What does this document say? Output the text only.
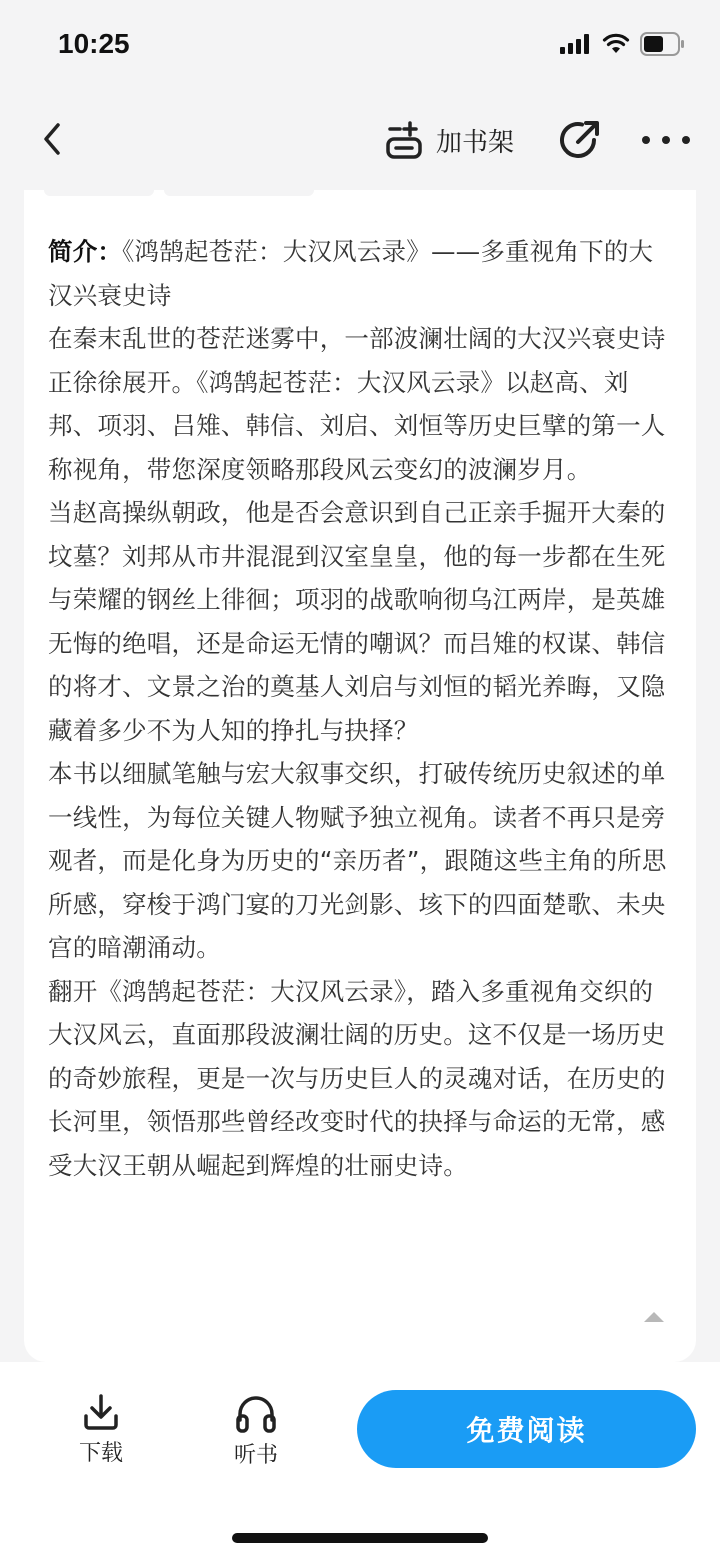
10:25
加书架

简介：《鸿鹄起苍茫：大汉风云录》——多重视角下的大汉兴衰史诗

在秦末乱世的苍茫迷雾中，一部波澜壮阔的大汉兴衰史诗正徐徐展开。《鸿鹄起苍茫：大汉风云录》以赵高、刘邦、项羽、吕雉、韩信、刘启、刘恒等历史巨擘的第一人称视角，带您深度领略那段风云变幻的波澜岁月。

当赵高操纵朝政，他是否会意识到自己正亲手掘开大秦的坟墓？刘邦从市井混混到汉室皇皇，他的每一步都在生死与荣耀的钢丝上徘徊；项羽的战歌响彻乌江两岸，是英雄无悔的绝唱，还是命运无情的嘲讽？而吕雉的权谋、韩信的将才、文景之治的奠基人刘启与刘恒的韬光养晦，又隐藏着多少不为人知的挣扎与抉择？

本书以细腻笔触与宏大叙事交织，打破传统历史叙述的单一线性，为每位关键人物赋予独立视角。读者不再只是旁观者，而是化身为历史的“亲历者”，跟随这些主角的所思所感，穿梭于鸿门宴的刀光剑影、垓下的四面楚歌、未央宫的暗潮涌动。

翻开《鸿鹄起苍茫：大汉风云录》，踏入多重视角交织的大汉风云，直面那段波澜壮阔的历史。这不仅是一场历史的奇妙旅程，更是一次与历史巨人的灵魂对话，在历史的长河里，领悟那些曾经改变时代的抉择与命运的无常，感受大汉王朝从崛起到辉煌的壮丽史诗。

下载	听书
免费阅读
